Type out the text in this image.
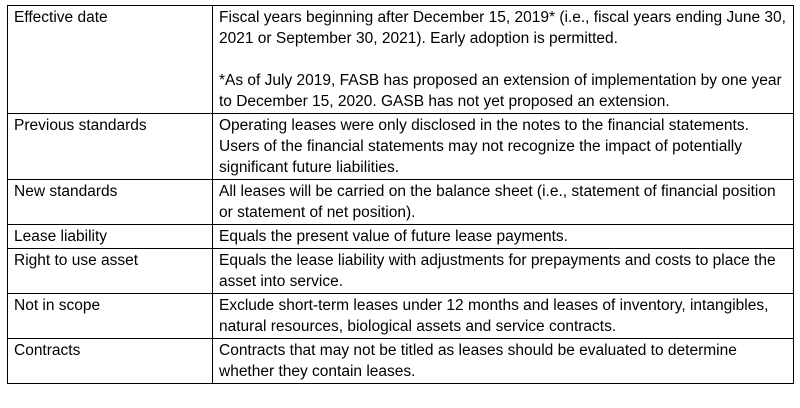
Effective date	Fiscal years beginning after December 15, 2019* (i.e., fiscal years ending June 30, 2021 or September 30, 2021). Early adoption is permitted.

*As of July 2019, FASB has proposed an extension of implementation by one year to December 15, 2020. GASB has not yet proposed an extension.

Previous standards	Operating leases were only disclosed in the notes to the financial statements. Users of the financial statements may not recognize the impact of potentially significant future liabilities.

New standards	All leases will be carried on the balance sheet (i.e., statement of financial position or statement of net position).

Lease liability	Equals the present value of future lease payments.

Right to use asset	Equals the lease liability with adjustments for prepayments and costs to place the asset into service.

Not in scope	Exclude short-term leases under 12 months and leases of inventory, intangibles, natural resources, biological assets and service contracts.

Contracts	Contracts that may not be titled as leases should be evaluated to determine whether they contain leases.
